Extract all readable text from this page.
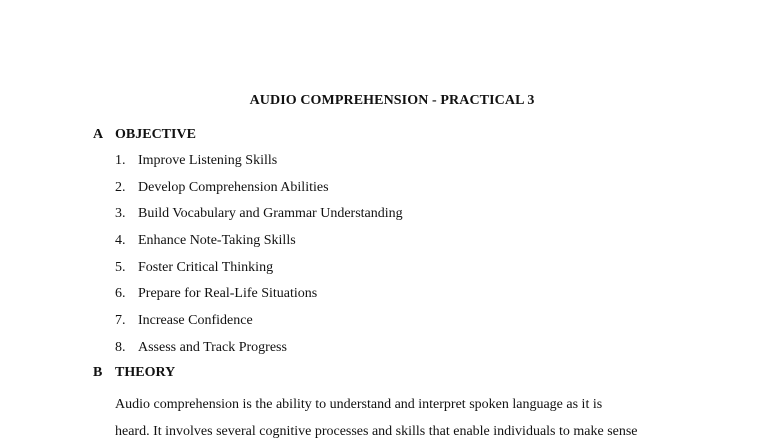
AUDIO COMPREHENSION - PRACTICAL 3
A OBJECTIVE
1. Improve Listening Skills
2. Develop Comprehension Abilities
3. Build Vocabulary and Grammar Understanding
4. Enhance Note-Taking Skills
5. Foster Critical Thinking
6. Prepare for Real-Life Situations
7. Increase Confidence
8. Assess and Track Progress
B THEORY

Audio comprehension is the ability to understand and interpret spoken language as it is
heard. It involves several cognitive processes and skills that enable individuals to make sense
